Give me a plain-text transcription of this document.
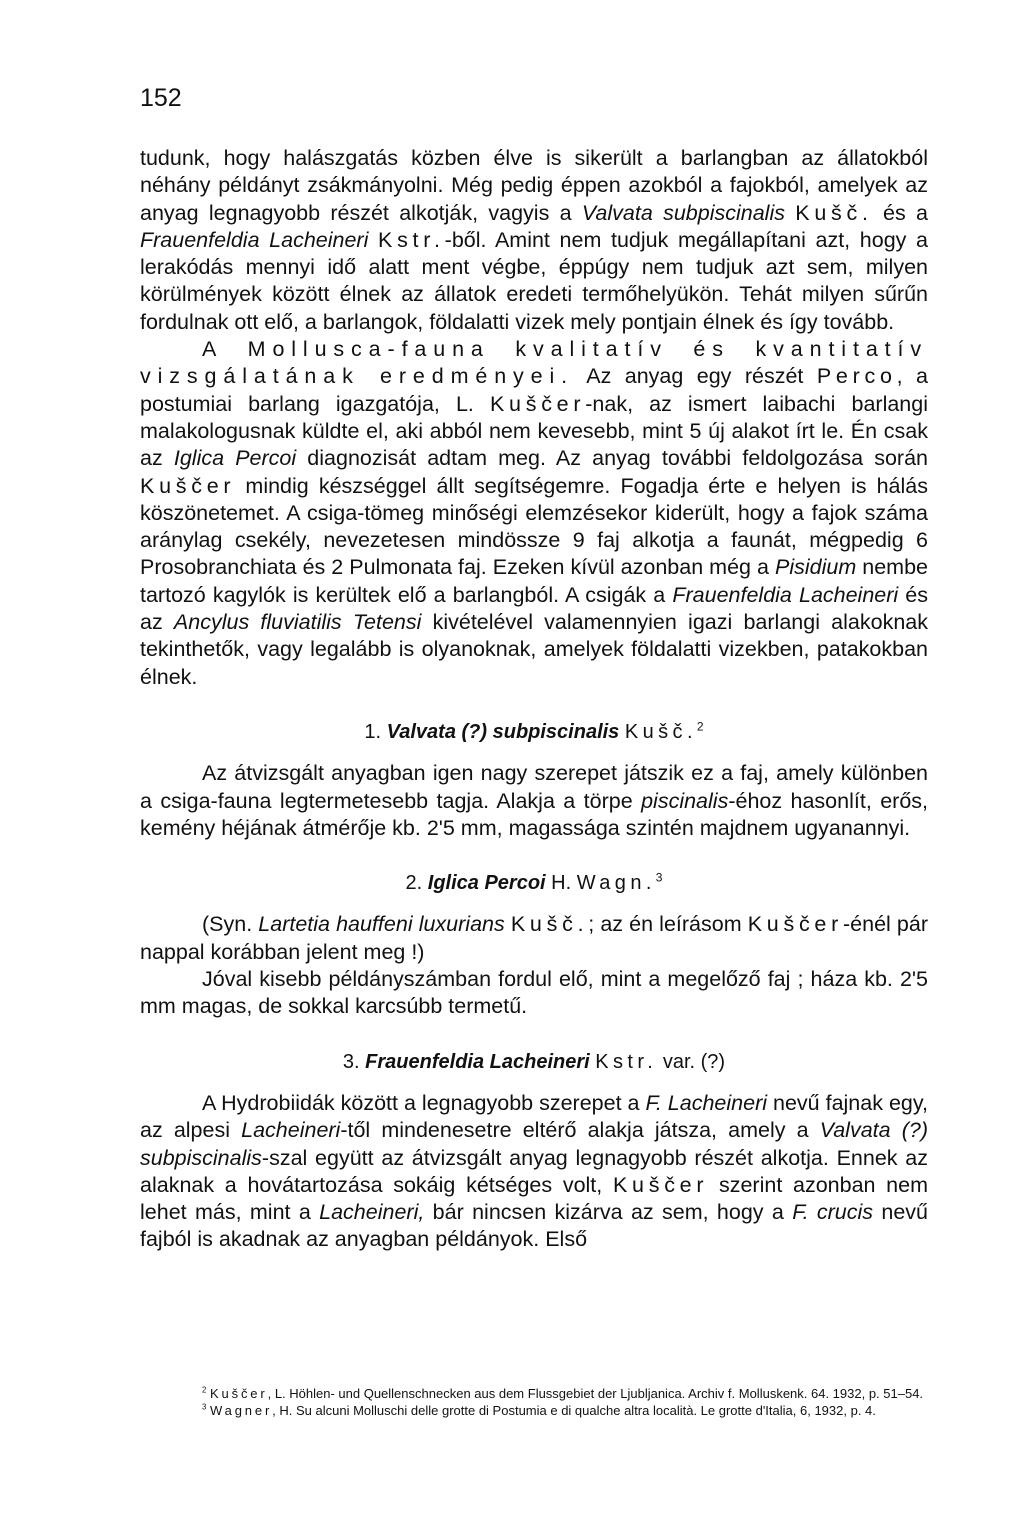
152

tudunk, hogy halászgatás közben élve is sikerült a barlangban az állatokból néhány példányt zsákmányolni. Még pedig éppen azokból a fajokból, amelyek az anyag legnagyobb részét alkotják, vagyis a Valvata subpiscinalis Kušč. és a Frauenfeldia Lacheineri Kstr.-ből. Amint nem tudjuk megállapítani azt, hogy a lerakódás mennyi idő alatt ment végbe, éppúgy nem tudjuk azt sem, milyen körülmények között élnek az állatok eredeti termőhelyükön. Tehát milyen sűrűn fordulnak ott elő, a barlangok, földalatti vizek mely pontjain élnek és így tovább.

A Mollusca-fauna kvalitatív és kvantitatív vizsgálatának eredményei. Az anyag egy részét Perco, a postumiai barlang igazgatója, L. Kuščer-nak, az ismert laibachi barlangi malakologusnak küldte el, aki abból nem kevesebb, mint 5 új alakot írt le. Én csak az Iglica Percoi diagnozisát adtam meg. Az anyag további feldolgozása során Kuščer mindig készséggel állt segítségemre. Fogadja érte e helyen is hálás köszönetemet. A csiga-tömeg minőségi elemzésekor kiderült, hogy a fajok száma aránylag csekély, nevezetesen mindössze 9 faj alkotja a faunát, mégpedig 6 Prosobranchiata és 2 Pulmonata faj. Ezeken kívül azonban még a Pisidium nembe tartozó kagylók is kerültek elő a barlangból. A csigák a Frauenfeldia Lacheineri és az Ancylus fluviatilis Tetensi kivételével valamennyien igazi barlangi alakoknak tekinthetők, vagy legalább is olyanoknak, amelyek földalatti vizekben, patakokban élnek.

1. Valvata (?) subpiscinalis Kušč.$^2$

Az átvizsgált anyagban igen nagy szerepet játszik ez a faj, amely különben a csiga-fauna legtermetesebb tagja. Alakja a törpe piscinalis-éhoz hasonlít, erős, kemény héjának átmérője kb. 2'5 mm, magassága szintén majdnem ugyanannyi.

2. Iglica Percoi H. Wagn.$^3$

(Syn. Lartetia hauffeni luxurians Kušč.; az én leírásom Kuščer-énél pár nappal korábban jelent meg !)

Jóval kisebb példányszámban fordul elő, mint a megelőző faj ; háza kb. 2'5 mm magas, de sokkal karcsúbb termetű.

3. Frauenfeldia Lacheineri Kstr. var. (?)

A Hydrobiidák között a legnagyobb szerepet a F. Lacheineri nevű fajnak egy, az alpesi Lacheineri-től mindenesetre eltérő alakja játsza, amely a Valvata (?) subpiscinalis-szal együtt az átvizsgált anyag legnagyobb részét alkotja. Ennek az alaknak a hovátartozása sokáig kétséges volt, Kuščer szerint azonban nem lehet más, mint a Lacheineri, bár nincsen kizárva az sem, hogy a F. crucis nevű fajból is akadnak az anyagban példányok. Első

$^2$ Kuščer, L. Höhlen- und Quellenschnecken aus dem Flussgebiet der Ljubljanica. Archiv f. Molluskenk. 64. 1932, p. 51–54.

$^3$ Wagner, H. Su alcuni Molluschi delle grotte di Postumia e di qualche altra località. Le grotte d'Italia, 6, 1932, p. 4.
